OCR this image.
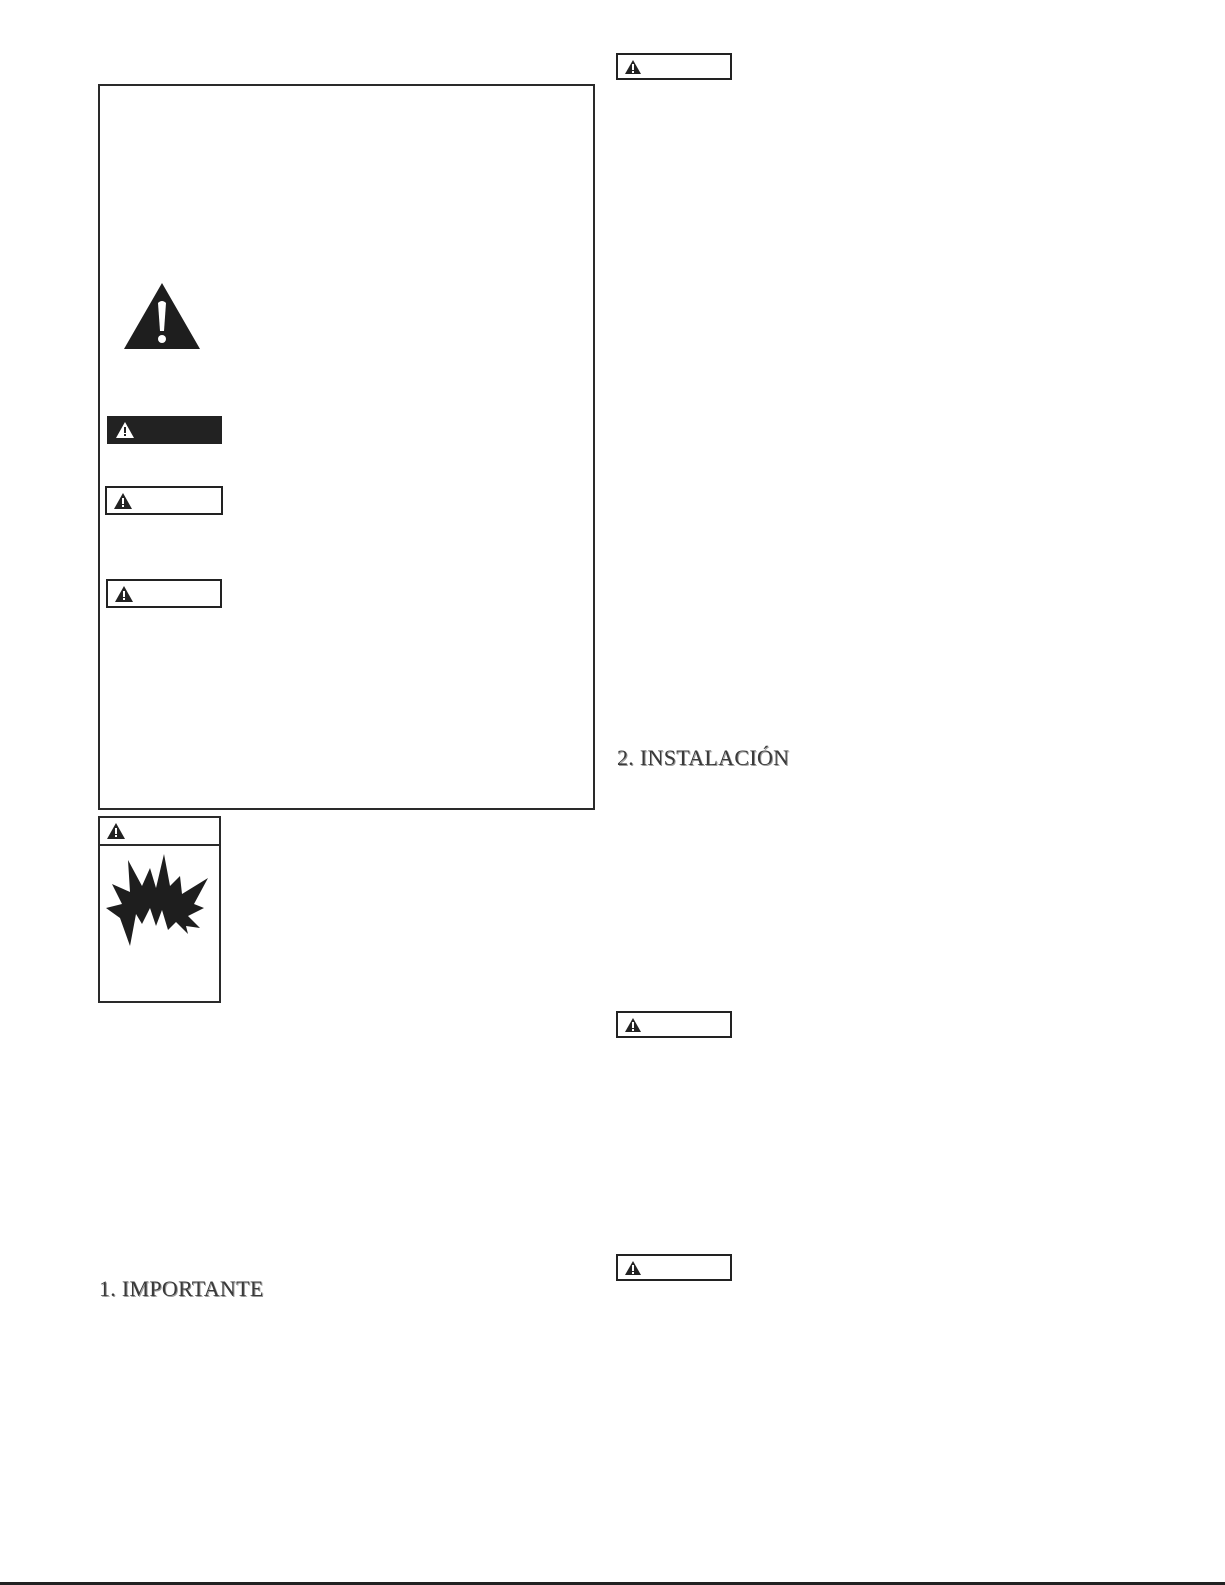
1. IMPORTANTE
2. INSTALACIÓN
